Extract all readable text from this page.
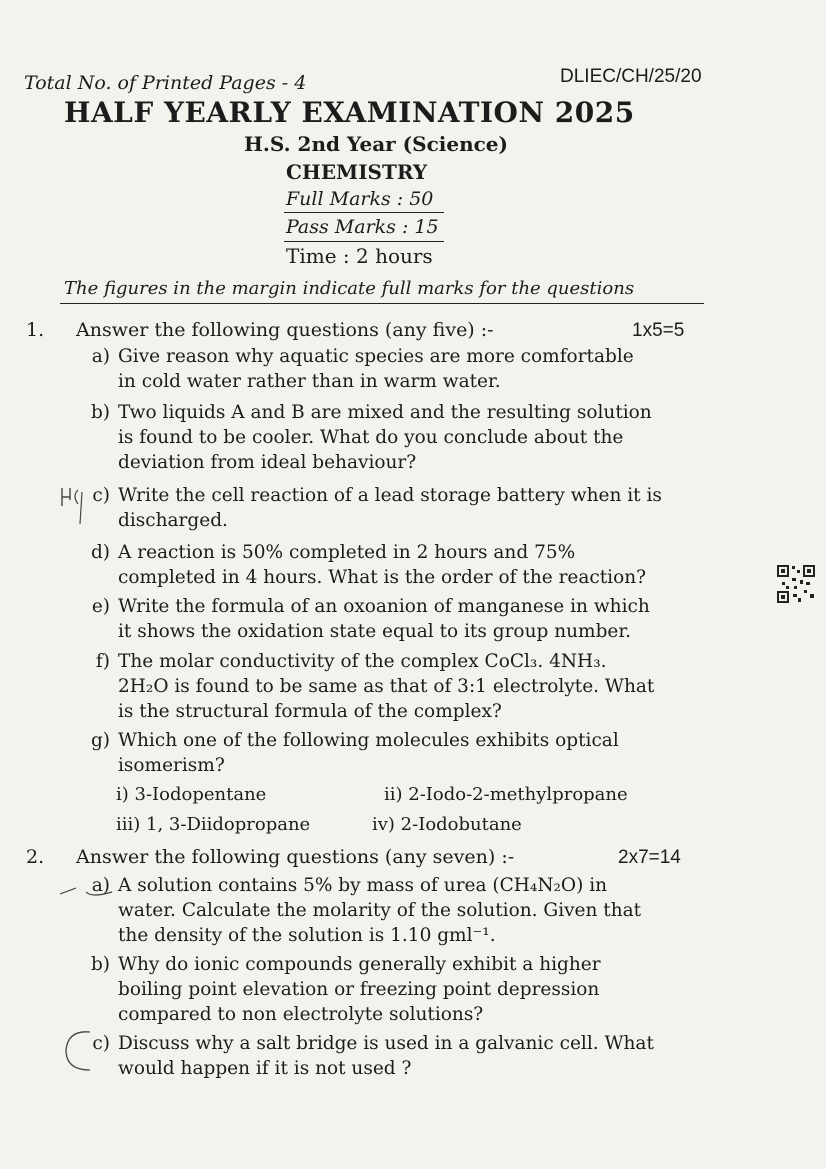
Total No. of Printed Pages - 4	DLIEC/CH/25/20
HALF YEARLY EXAMINATION 2025
H.S. 2nd Year (Science)
CHEMISTRY
Full Marks : 50
Pass Marks : 15
Time : 2 hours
The figures in the margin indicate full marks for the questions
1. Answer the following questions (any five) :-	1x5=5
a) Give reason why aquatic species are more comfortable
in cold water rather than in warm water.
b) Two liquids A and B are mixed and the resulting solution
is found to be cooler. What do you conclude about the
deviation from ideal behaviour?
c) Write the cell reaction of a lead storage battery when it is
discharged.
d) A reaction is 50% completed in 2 hours and 75%
completed in 4 hours. What is the order of the reaction?
e) Write the formula of an oxoanion of manganese in which
it shows the oxidation state equal to its group number.
f) The molar conductivity of the complex CoCl₃. 4NH₃.
2H₂O is found to be same as that of 3:1 electrolyte. What
is the structural formula of the complex?
g) Which one of the following molecules exhibits optical
isomerism?
i) 3-Iodopentane	ii) 2-Iodo-2-methylpropane
iii) 1, 3-Diidopropane	iv) 2-Iodobutane
2. Answer the following questions (any seven) :-	2x7=14
a) A solution contains 5% by mass of urea (CH₄N₂O) in
water. Calculate the molarity of the solution. Given that
the density of the solution is 1.10 gml⁻¹.
b) Why do ionic compounds generally exhibit a higher
boiling point elevation or freezing point depression
compared to non electrolyte solutions?
c) Discuss why a salt bridge is used in a galvanic cell. What
would happen if it is not used ?
